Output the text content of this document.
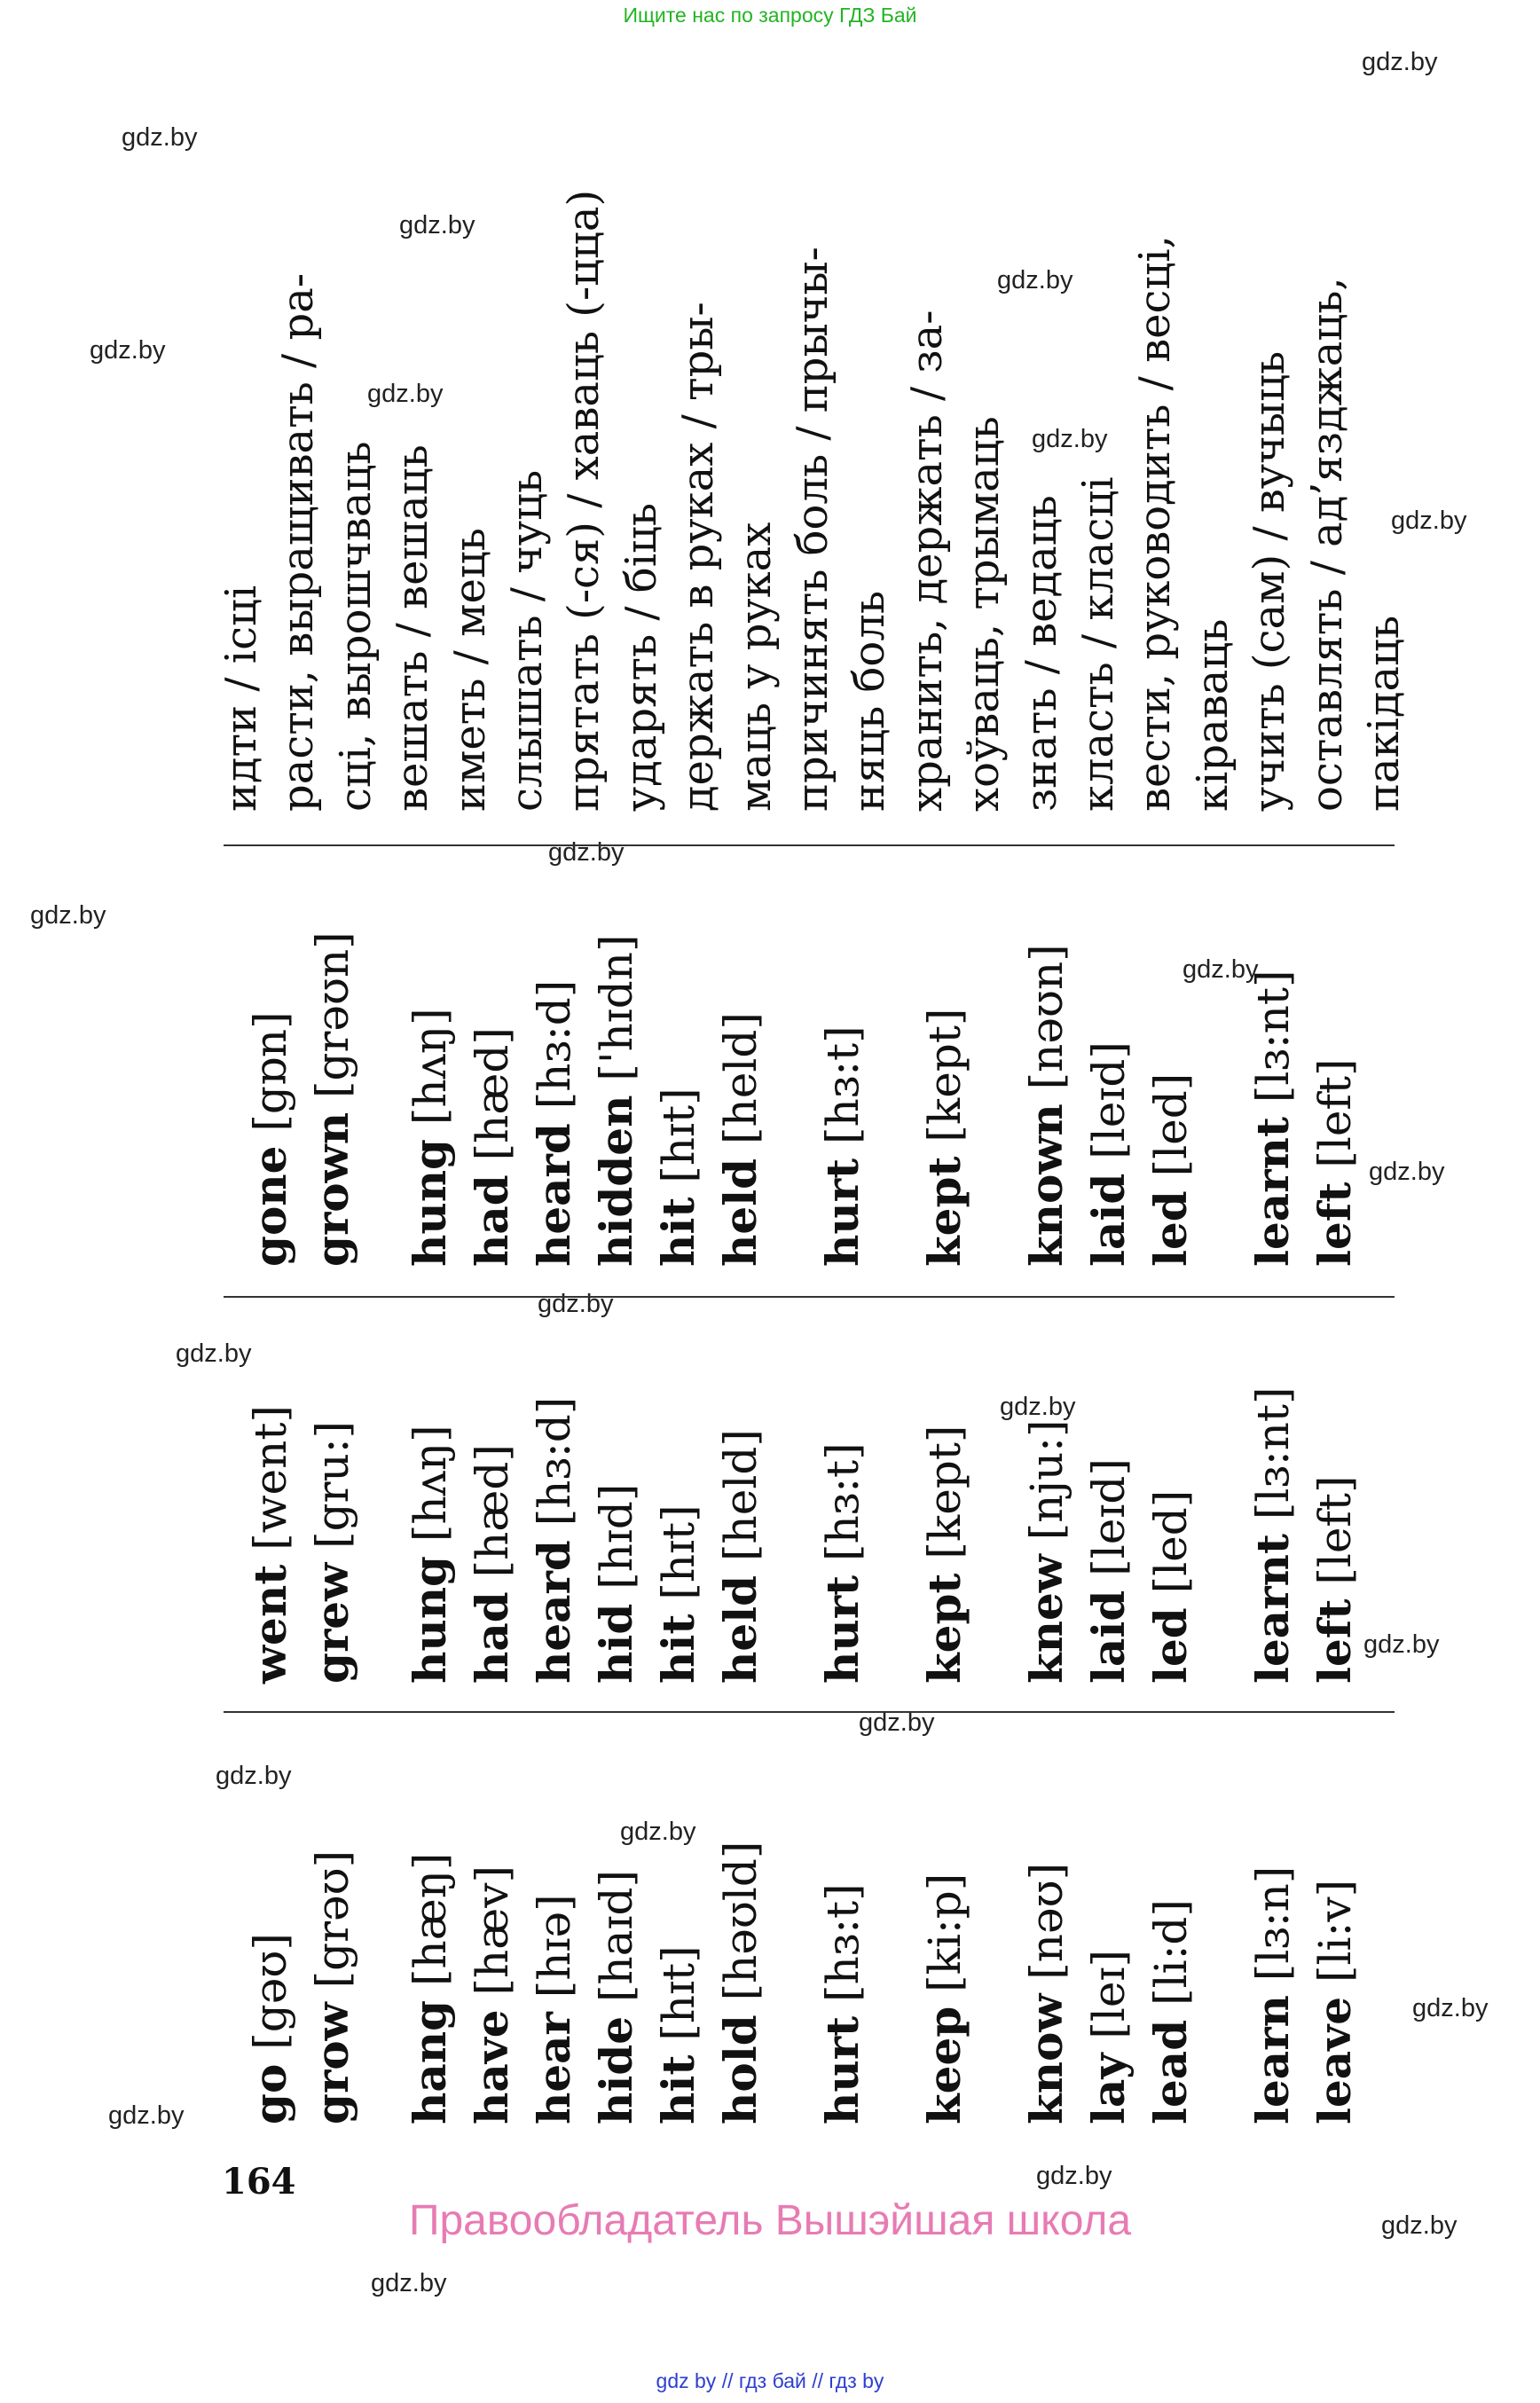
Ищите нас по запросу ГДЗ Бай
gdz.by
gdz.by
gdz.by
gdz.by
gdz.by
gdz.by
gdz.by
gdz.by
gdz.by
gdz.by
gdz.by
gdz.by
gdz.by
gdz.by
gdz.by
gdz.by
gdz.by
gdz.by
gdz.by
gdz.by
gdz.by
gdz.by
gdz.by
gdz.by
идти / ісці расти, выращивать / ра- сці, вырошчваць вешать / вешаць иметь / мець слышать / чуць прятать (-ся) / хаваць (-цца) ударять / біць держать в руках / тры- маць у руках причинять боль / прычы- няць боль хранить, держать / за- хоўваць, трымаць знать / ведаць класть / класці вести, руководить / весці, кіраваць учить (сам) / вучыць оставлять / ад’язджаць, пакідаць
gone [gɒn]
grown [grəʊn]
hung [hʌŋ]
had [hæd]
heard [hɜ:d]
hidden ['hɪdn]
hit [hɪt]
held [held]
hurt [hɜ:t]
kept [kept]
known [nəʊn]
laid [leɪd]
led [led] learnt [lɜ:nt]
left [left]
went [went]
grew [gru:]
hung [hʌŋ]
had [hæd]
heard [hɜ:d]
hid [hɪd]
hit [hɪt]
held [held]
hurt [hɜ:t]
kept [kept]
knew [nju:]
laid [leɪd]
led [led] learnt [lɜ:nt]
left [left]
go [gəʊ]
grow [grəʊ]
hang [hæŋ]
have [hæv]
hear [hɪə]
hide [haɪd]
hit [hɪt]
hold [həʊld]
hurt [hɜ:t]
keep [ki:p]
know [nəʊ]
lay [leɪ]
lead [li:d]
learn [lɜ:n]
leave [li:v]
164
Правообладатель Вышэйшая школа
gdz by // гдз бай // гдз by
